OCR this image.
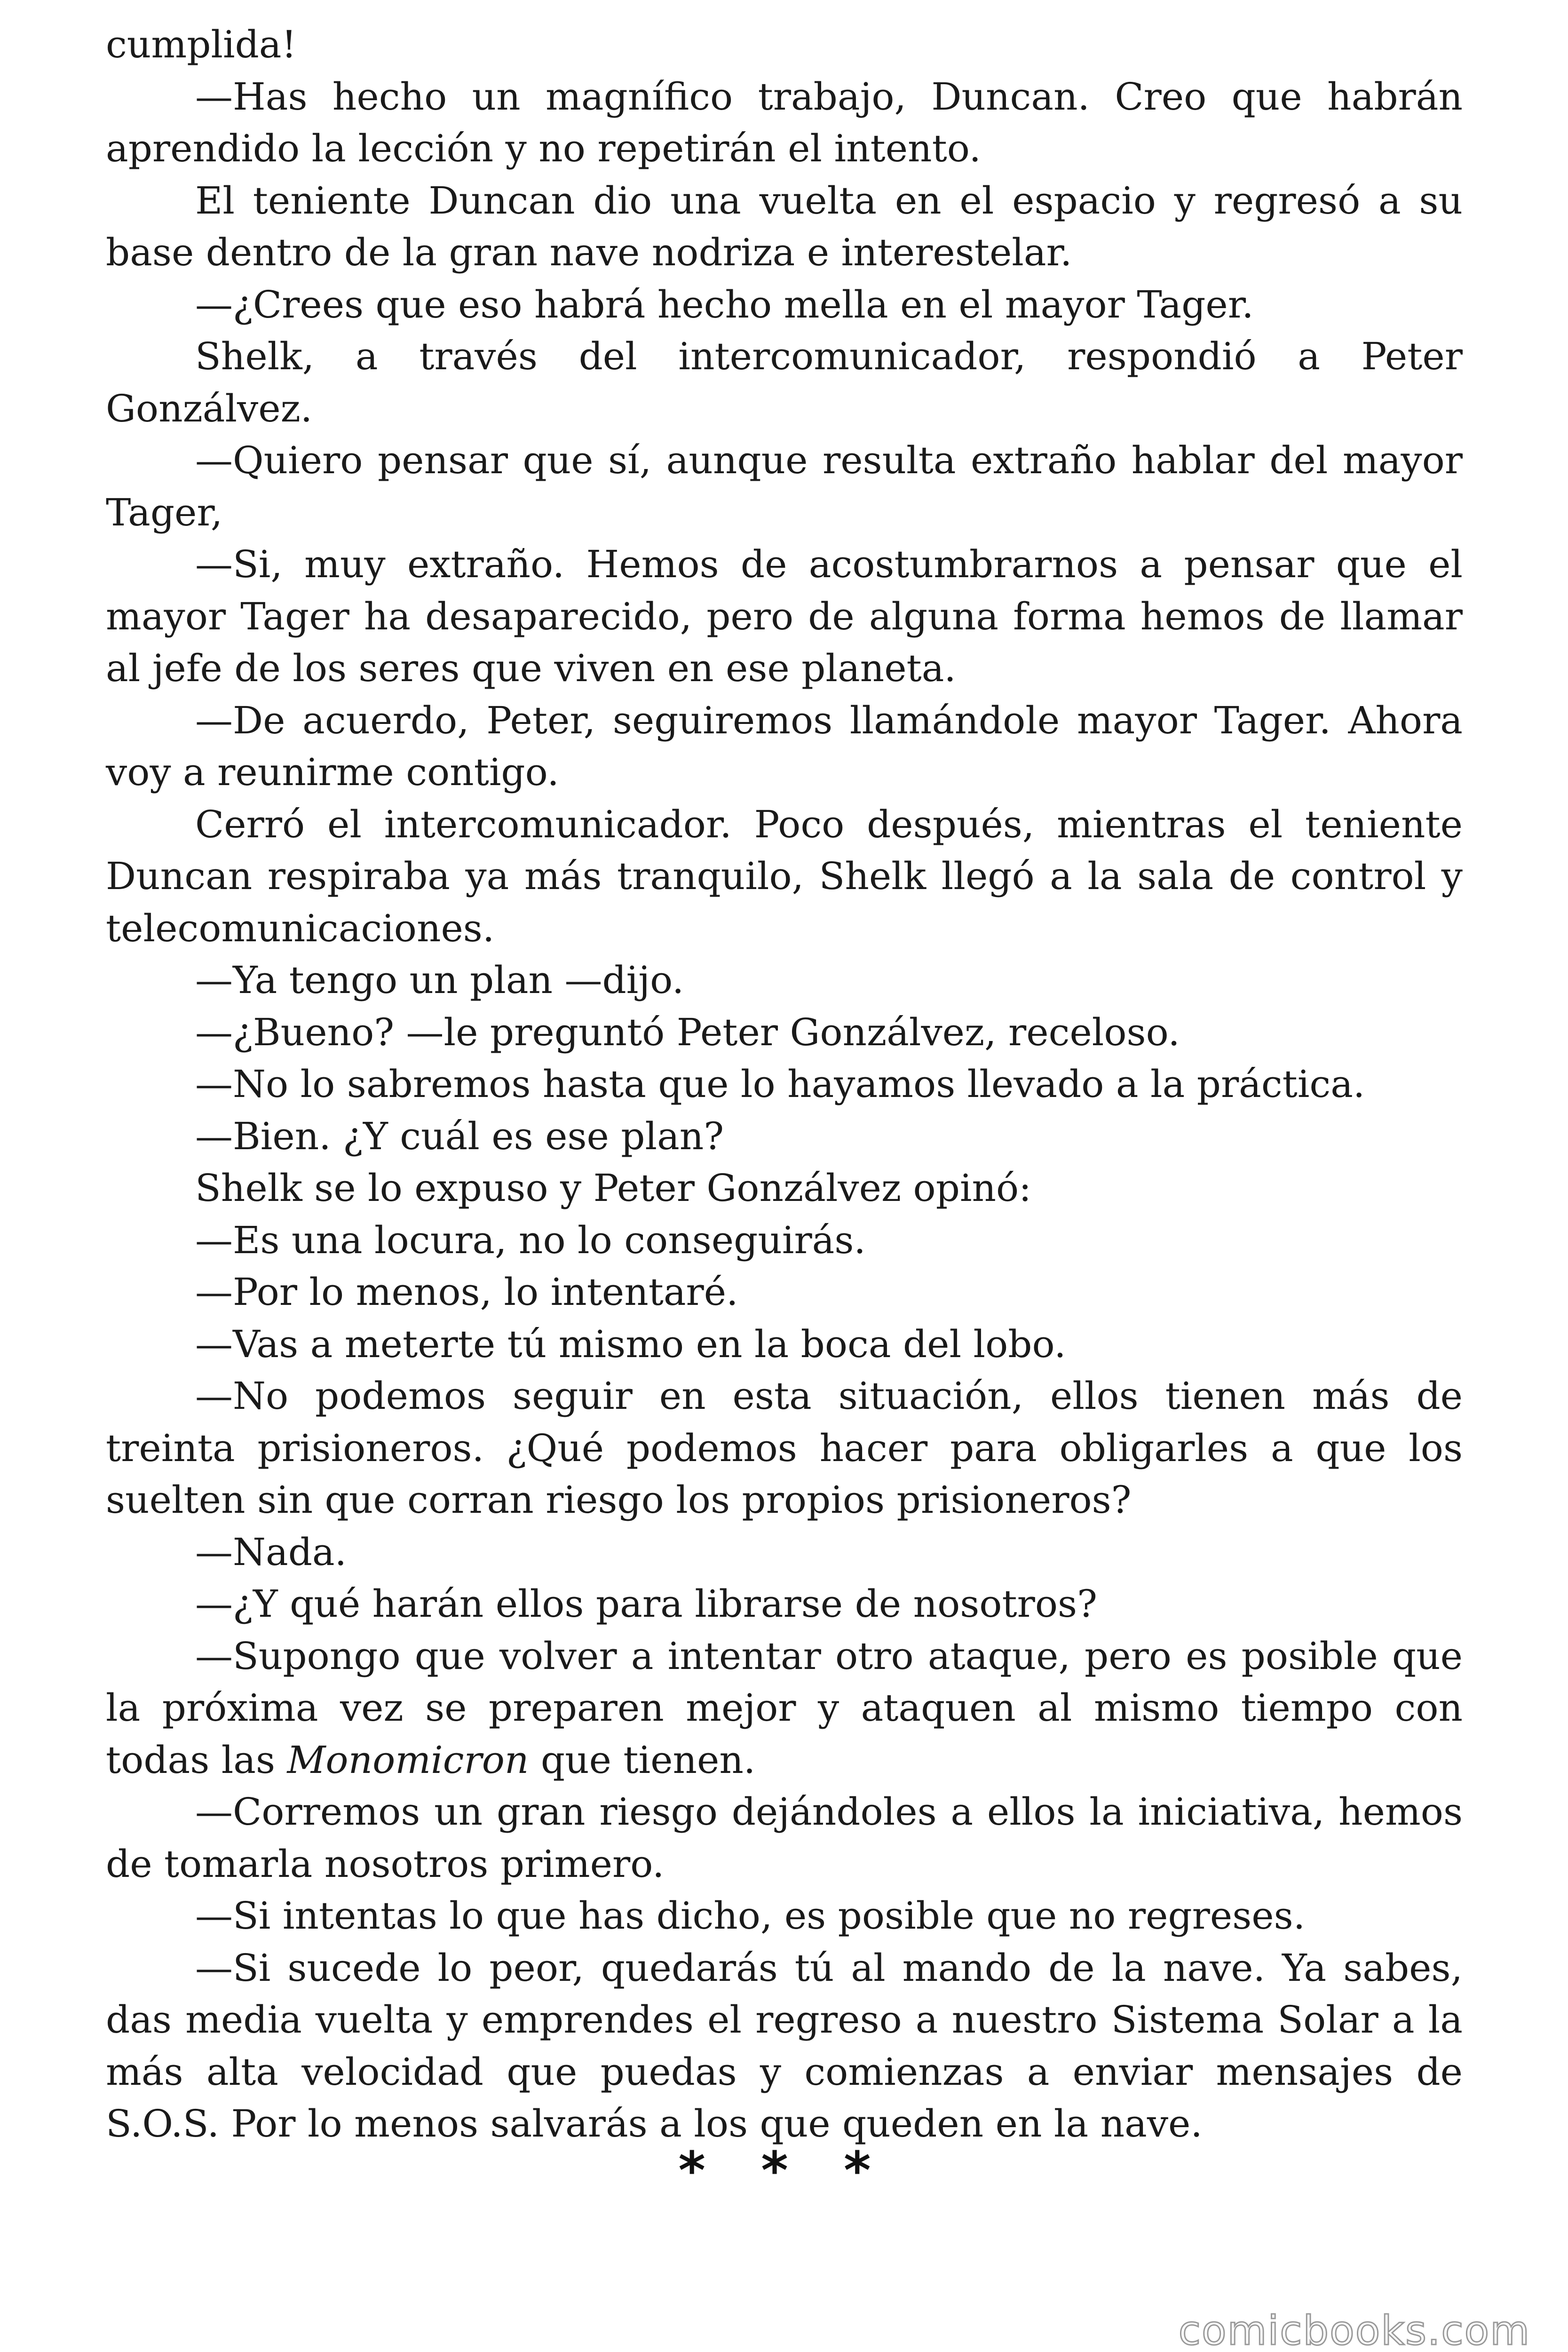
cumplida!

—Has hecho un magnífico trabajo, Duncan. Creo que habrán aprendido la lección y no repetirán el intento.

El teniente Duncan dio una vuelta en el espacio y regresó a su base dentro de la gran nave nodriza e interestelar.

—¿Crees que eso habrá hecho mella en el mayor Tager.

Shelk, a través del intercomunicador, respondió a Peter Gonzálvez.

—Quiero pensar que sí, aunque resulta extraño hablar del mayor Tager,

—Si, muy extraño. Hemos de acostumbrarnos a pensar que el mayor Tager ha desaparecido, pero de alguna forma hemos de llamar al jefe de los seres que viven en ese planeta.

—De acuerdo, Peter, seguiremos llamándole mayor Tager. Ahora voy a reunirme contigo.

Cerró el intercomunicador. Poco después, mientras el teniente Duncan respiraba ya más tranquilo, Shelk llegó a la sala de control y telecomunicaciones.

—Ya tengo un plan —dijo.

—¿Bueno? —le preguntó Peter Gonzálvez, receloso.

—No lo sabremos hasta que lo hayamos llevado a la práctica.

—Bien. ¿Y cuál es ese plan?

Shelk se lo expuso y Peter Gonzálvez opinó:

—Es una locura, no lo conseguirás.

—Por lo menos, lo intentaré.

—Vas a meterte tú mismo en la boca del lobo.

—No podemos seguir en esta situación, ellos tienen más de treinta prisioneros. ¿Qué podemos hacer para obligarles a que los suelten sin que corran riesgo los propios prisioneros?

—Nada.

—¿Y qué harán ellos para librarse de nosotros?

—Supongo que volver a intentar otro ataque, pero es posible que la próxima vez se preparen mejor y ataquen al mismo tiempo con todas las Monomicron que tienen.

—Corremos un gran riesgo dejándoles a ellos la iniciativa, hemos de tomarla nosotros primero.

—Si intentas lo que has dicho, es posible que no regreses.

—Si sucede lo peor, quedarás tú al mando de la nave. Ya sabes, das media vuelta y emprendes el regreso a nuestro Sistema Solar a la más alta velocidad que puedas y comienzas a enviar mensajes de S.O.S. Por lo menos salvarás a los que queden en la nave.

* * *
comicbooks.com
